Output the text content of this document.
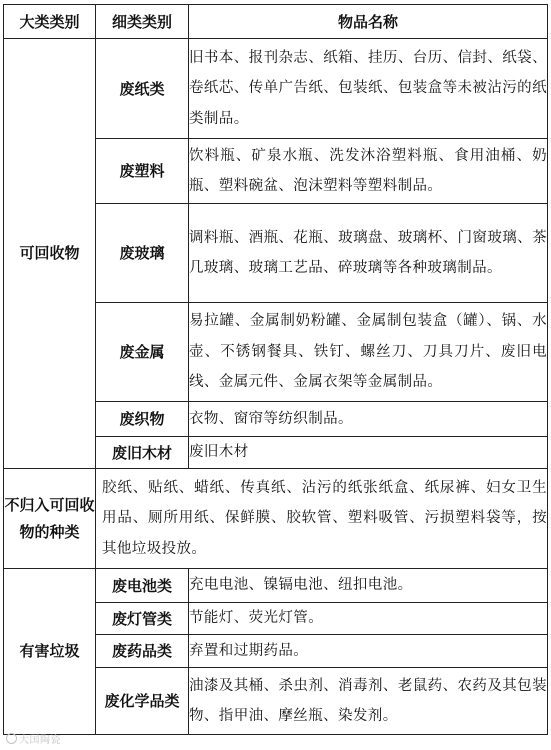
大类类别	细类类别	物品名称
可回收物	废纸类	旧书本、报刊杂志、纸箱、挂历、台历、信封、纸袋、卷纸芯、传单广告纸、包装纸、包装盒等未被沾污的纸类制品。
	废塑料	饮料瓶、矿泉水瓶、洗发沐浴塑料瓶、食用油桶、奶瓶、塑料碗盆、泡沫塑料等塑料制品。
	废玻璃	调料瓶、酒瓶、花瓶、玻璃盘、玻璃杯、门窗玻璃、茶几玻璃、玻璃工艺品、碎玻璃等各种玻璃制品。
	废金属	易拉罐、金属制奶粉罐、金属制包装盒（罐）、锅、水壶、不锈钢餐具、铁钉、螺丝刀、刀具刀片、废旧电线、金属元件、金属衣架等金属制品。
	废织物	衣物、窗帘等纺织制品。
	废旧木材	废旧木材
不归入可回收物的种类	胶纸、贴纸、蜡纸、传真纸、沾污的纸张纸盒、纸尿裤、妇女卫生用品、厕所用纸、保鲜膜、胶软管、塑料吸管、污损塑料袋等，按其他垃圾投放。	
有害垃圾	废电池类	充电电池、镍镉电池、纽扣电池。
	废灯管类	节能灯、荧光灯管。
	废药品类	弃置和过期药品。
	废化学品类	油漆及其桶、杀虫剂、消毒剂、老鼠药、农药及其包装物、指甲油、摩丝瓶、染发剂。
大国陶瓷
